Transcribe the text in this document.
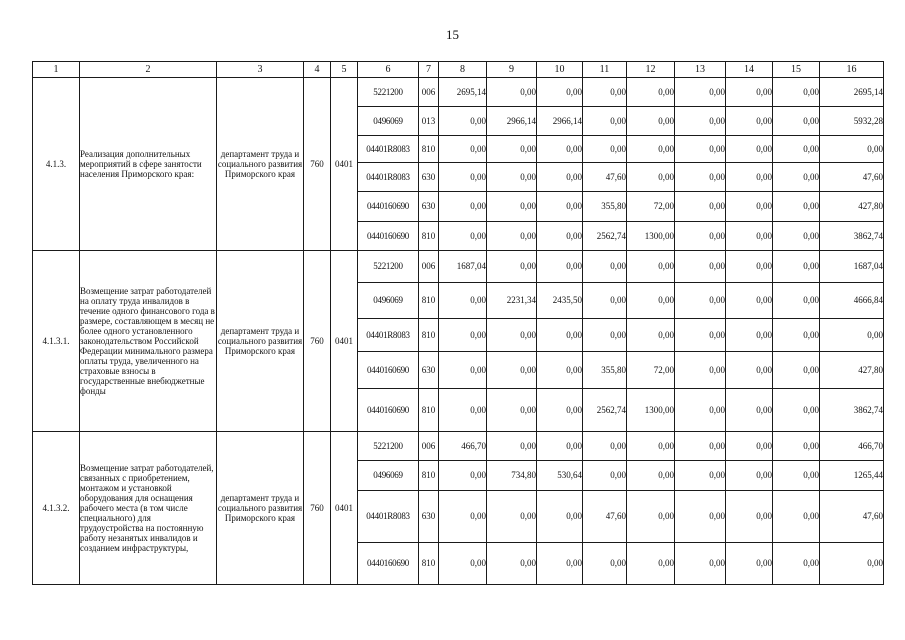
15
1	2	3	4	5	6	7	8	9	10	11	12	13	14	15	16
4.1.3.	Реализация дополнительных мероприятий в сфере занятости населения Приморского края:	департамент труда и социального развития Приморского края	760	0401	5221200	006	2695,14	0,00	0,00	0,00	0,00	0,00	0,00	0,00	2695,14
					0496069	013	0,00	2966,14	2966,14	0,00	0,00	0,00	0,00	0,00	5932,28
					04401R8083	810	0,00	0,00	0,00	0,00	0,00	0,00	0,00	0,00	0,00
					04401R8083	630	0,00	0,00	0,00	47,60	0,00	0,00	0,00	0,00	47,60
					0440160690	630	0,00	0,00	0,00	355,80	72,00	0,00	0,00	0,00	427,80
					0440160690	810	0,00	0,00	0,00	2562,74	1300,00	0,00	0,00	0,00	3862,74
4.1.3.1.	Возмещение затрат работодателей на оплату труда инвалидов в течение одного финансового года в размере, составляющем в месяц не более одного установленного законодательством Российской Федерации минимального размера оплаты труда, увеличенного на страховые взносы в государственные внебюджетные фонды	департамент труда и социального развития Приморского края	760	0401	5221200	006	1687,04	0,00	0,00	0,00	0,00	0,00	0,00	0,00	1687,04
					0496069	810	0,00	2231,34	2435,50	0,00	0,00	0,00	0,00	0,00	4666,84
					04401R8083	810	0,00	0,00	0,00	0,00	0,00	0,00	0,00	0,00	0,00
					0440160690	630	0,00	0,00	0,00	355,80	72,00	0,00	0,00	0,00	427,80
					0440160690	810	0,00	0,00	0,00	2562,74	1300,00	0,00	0,00	0,00	3862,74
4.1.3.2.	Возмещение затрат работодателей, связанных с приобретением, монтажом и установкой оборудования для оснащения рабочего места (в том числе специального) для трудоустройства на постоянную работу незанятых инвалидов и созданием инфраструктуры,	департамент труда и социального развития Приморского края	760	0401	5221200	006	466,70	0,00	0,00	0,00	0,00	0,00	0,00	0,00	466,70
					0496069	810	0,00	734,80	530,64	0,00	0,00	0,00	0,00	0,00	1265,44
					04401R8083	630	0,00	0,00	0,00	47,60	0,00	0,00	0,00	0,00	47,60
					0440160690	810	0,00	0,00	0,00	0,00	0,00	0,00	0,00	0,00	0,00
